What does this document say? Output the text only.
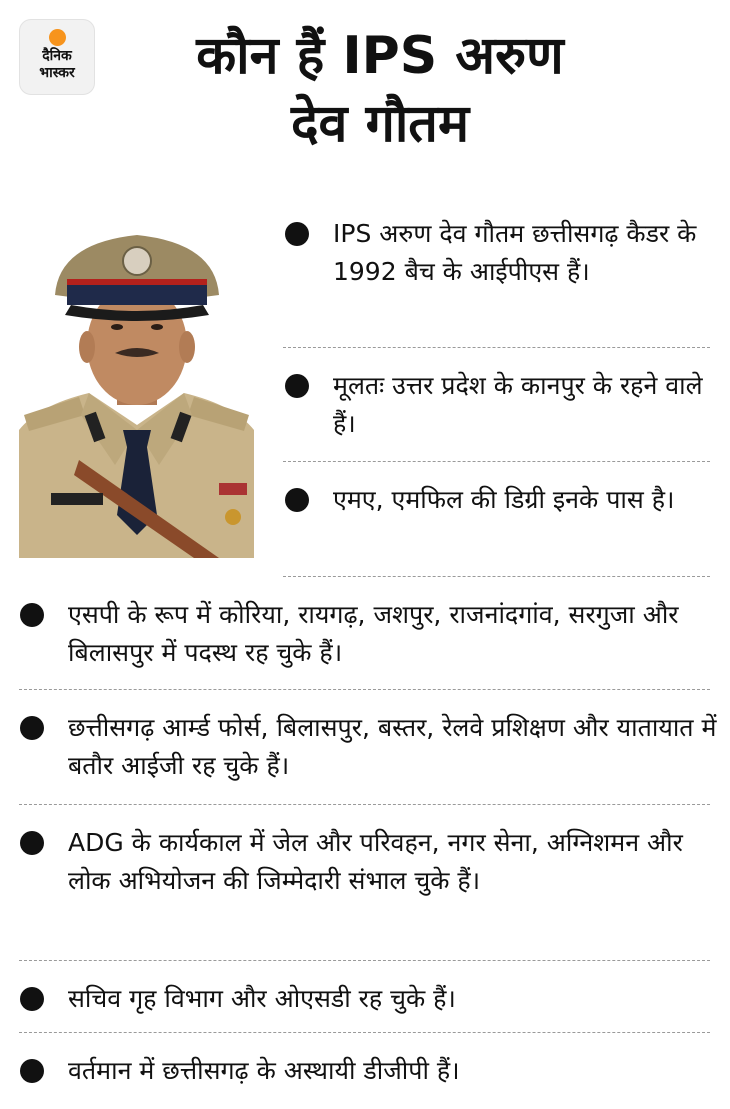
दैनिक
भास्कर	कौन हैं IPS अरुण
देव गौतम
IPS अरुण देव गौतम छत्तीसगढ़ कैडर के 1992 बैच के आईपीएस हैं।
मूलतः उत्तर प्रदेश के कानपुर के रहने वाले हैं।
एमए, एमफिल की डिग्री इनके पास है।
एसपी के रूप में कोरिया, रायगढ़, जशपुर, राजनांदगांव, सरगुजा और बिलासपुर में पदस्थ रह चुके हैं।
छत्तीसगढ़ आर्म्ड फोर्स, बिलासपुर, बस्तर, रेलवे प्रशिक्षण और यातायात में बतौर आईजी रह चुके हैं।
ADG के कार्यकाल में जेल और परिवहन, नगर सेना, अग्निशमन और लोक अभियोजन की जिम्मेदारी संभाल चुके हैं।
सचिव गृह विभाग और ओएसडी रह चुके हैं।
वर्तमान में छत्तीसगढ़ के अस्थायी डीजीपी हैं।
